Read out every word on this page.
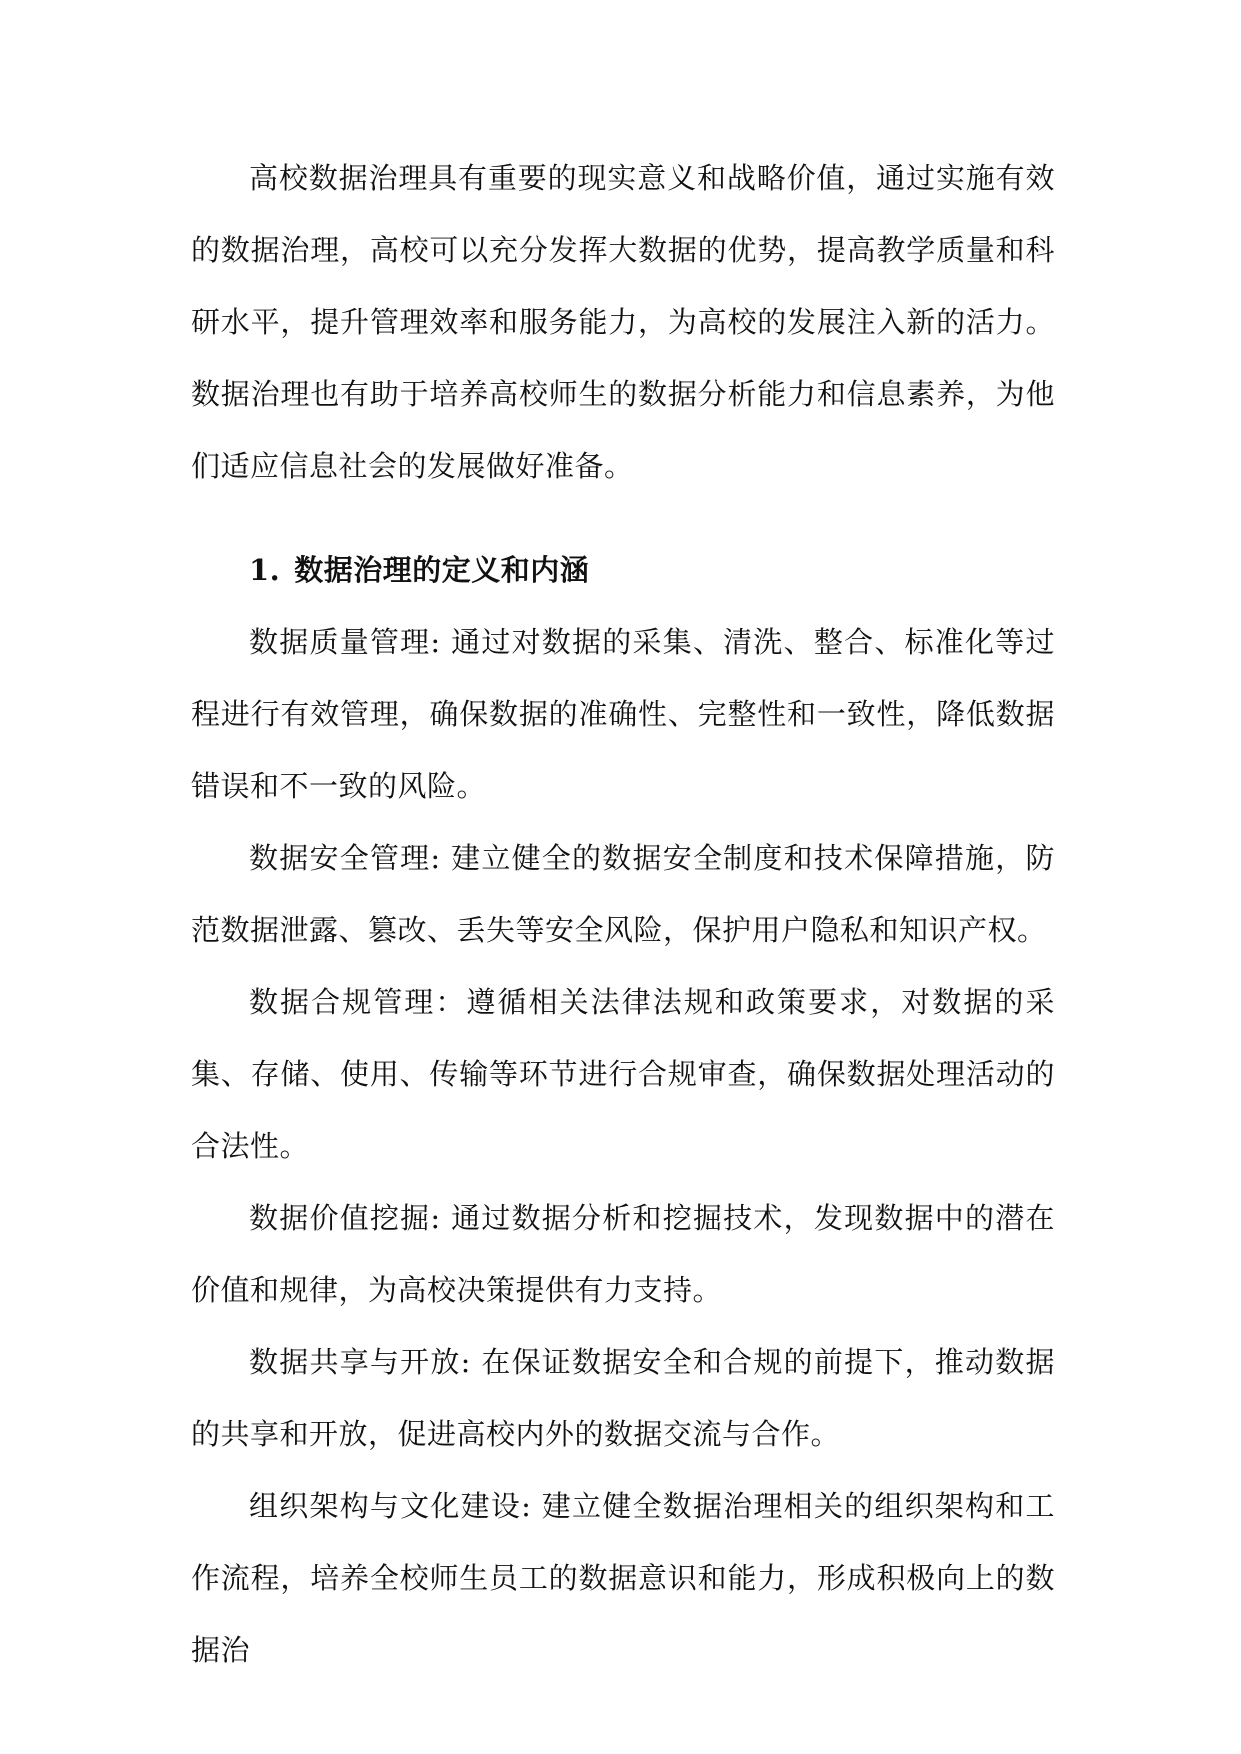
高校数据治理具有重要的现实意义和战略价值，通过实施有效的数据治理，高校可以充分发挥大数据的优势，提高教学质量和科研水平，提升管理效率和服务能力，为高校的发展注入新的活力。数据治理也有助于培养高校师生的数据分析能力和信息素养，为他们适应信息社会的发展做好准备。

1. 数据治理的定义和内涵

数据质量管理: 通过对数据的采集、清洗、整合、标准化等过程进行有效管理，确保数据的准确性、完整性和一致性，降低数据错误和不一致的风险。

数据安全管理: 建立健全的数据安全制度和技术保障措施，防范数据泄露、篡改、丢失等安全风险，保护用户隐私和知识产权。

数据合规管理：遵循相关法律法规和政策要求，对数据的采集、存储、使用、传输等环节进行合规审查，确保数据处理活动的合法性。

数据价值挖掘: 通过数据分析和挖掘技术，发现数据中的潜在价值和规律，为高校决策提供有力支持。

数据共享与开放: 在保证数据安全和合规的前提下，推动数据的共享和开放，促进高校内外的数据交流与合作。

组织架构与文化建设: 建立健全数据治理相关的组织架构和工作流程，培养全校师生员工的数据意识和能力，形成积极向上的数据治
